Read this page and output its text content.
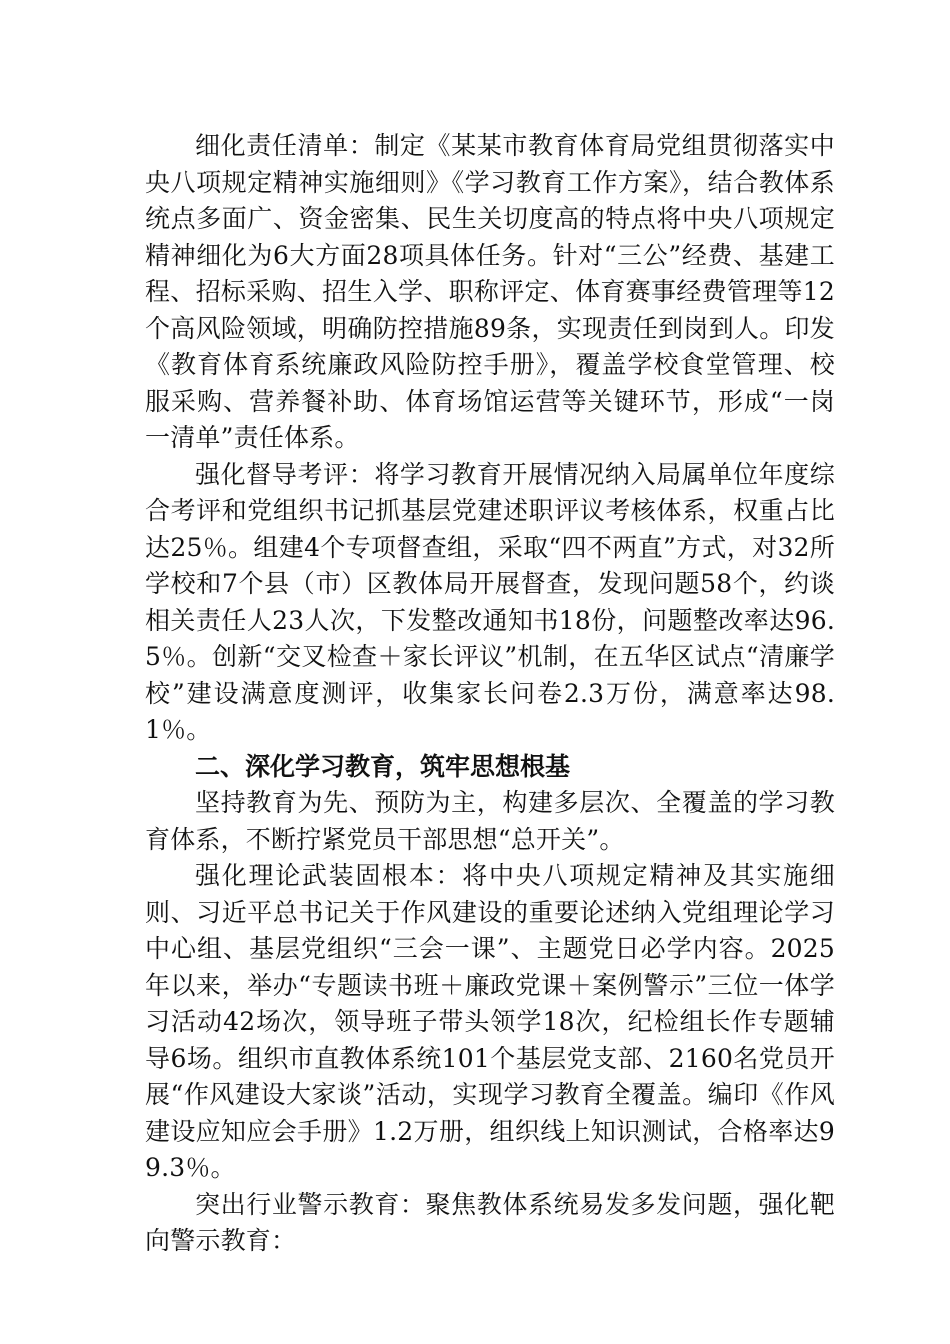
细化责任清单：制定《某某市教育体育局党组贯彻落实中央八项规定精神实施细则》《学习教育工作方案》，结合教体系统点多面广、资金密集、民生关切度高的特点将中央八项规定精神细化为6大方面28项具体任务。针对“三公”经费、基建工程、招标采购、招生入学、职称评定、体育赛事经费管理等12个高风险领域，明确防控措施89条，实现责任到岗到人。印发《教育体育系统廉政风险防控手册》，覆盖学校食堂管理、校服采购、营养餐补助、体育场馆运营等关键环节，形成“一岗一清单”责任体系。

强化督导考评：将学习教育开展情况纳入局属单位年度综合考评和党组织书记抓基层党建述职评议考核体系，权重占比达25％。组建4个专项督查组，采取“四不两直”方式，对32所学校和7个县（市）区教体局开展督查，发现问题58个，约谈相关责任人23人次，下发整改通知书18份，问题整改率达96.5％。创新“交叉检查＋家长评议”机制，在五华区试点“清廉学校”建设满意度测评，收集家长问卷2.3万份，满意率达98.1％。

二、深化学习教育，筑牢思想根基

坚持教育为先、预防为主，构建多层次、全覆盖的学习教育体系，不断拧紧党员干部思想“总开关”。

强化理论武装固根本：将中央八项规定精神及其实施细则、习近平总书记关于作风建设的重要论述纳入党组理论学习中心组、基层党组织“三会一课”、主题党日必学内容。2025年以来，举办“专题读书班＋廉政党课＋案例警示”三位一体学习活动42场次，领导班子带头领学18次，纪检组长作专题辅导6场。组织市直教体系统101个基层党支部、2160名党员开展“作风建设大家谈”活动，实现学习教育全覆盖。编印《作风建设应知应会手册》1.2万册，组织线上知识测试，合格率达99.3％。

突出行业警示教育：聚焦教体系统易发多发问题，强化靶向警示教育：
